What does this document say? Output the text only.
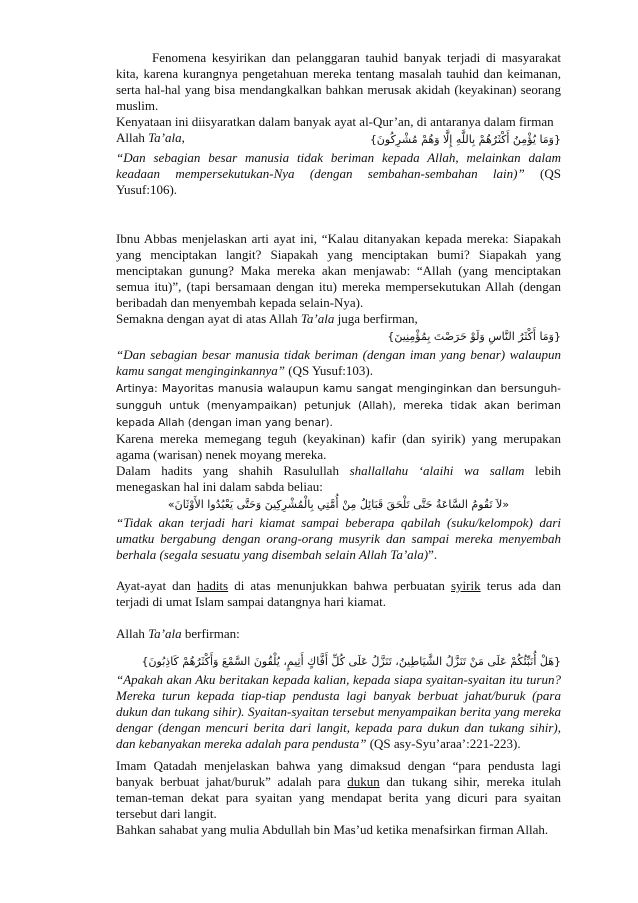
Fenomena kesyirikan dan pelanggaran tauhid banyak terjadi di masyarakat kita, karena kurangnya pengetahuan mereka tentang masalah tauhid dan keimanan, serta hal-hal yang bisa mendangkalkan bahkan merusak akidah (keyakinan) seorang muslim.

Kenyataan ini diisyaratkan dalam banyak ayat al-Qur’an, di antaranya dalam firman
Allah Ta’ala,	{وَمَا يُؤْمِنُ أَكْثَرُهُمْ بِاللَّهِ إِلَّا وَهُمْ مُشْرِكُونَ}

“Dan sebagian besar manusia tidak beriman kepada Allah, melainkan dalam keadaan mempersekutukan-Nya (dengan sembahan-sembahan lain)” (QS Yusuf:106).

Ibnu Abbas menjelaskan arti ayat ini, “Kalau ditanyakan kepada mereka: Siapakah yang menciptakan langit? Siapakah yang menciptakan bumi? Siapakah yang menciptakan gunung? Maka mereka akan menjawab: “Allah (yang menciptakan semua itu)”, (tapi bersamaan dengan itu) mereka mempersekutukan Allah (dengan beribadah dan menyembah kepada selain-Nya).

Semakna dengan ayat di atas Allah Ta’ala juga berfirman,
{وَمَا أَكْثَرُ النَّاسِ وَلَوْ حَرَصْتَ بِمُؤْمِنِينَ}

“Dan sebagian besar manusia tidak beriman (dengan iman yang benar) walaupun kamu sangat menginginkannya” (QS Yusuf:103).

Artinya: Mayoritas manusia walaupun kamu sangat menginginkan dan bersunguh-sungguh untuk (menyampaikan) petunjuk (Allah), mereka tidak akan beriman kepada Allah (dengan iman yang benar).

Karena mereka memegang teguh (keyakinan) kafir (dan syirik) yang merupakan agama (warisan) nenek moyang mereka.

Dalam hadits yang shahih Rasulullah shallallahu ‘alaihi wa sallam lebih menegaskan hal ini dalam sabda beliau:

«لاَ تَقُومُ السَّاعَةُ حَتَّى تَلْحَقَ قَبَائِلُ مِنْ أُمَّتِي بِالْمُشْرِكِينَ وَحَتَّى يَعْبُدُوا الأَوْثَانَ»

“Tidak akan terjadi hari kiamat sampai beberapa qabilah (suku/kelompok) dari umatku bergabung dengan orang-orang musyrik dan sampai mereka menyembah berhala (segala sesuatu yang disembah selain Allah Ta’ala)”.

Ayat-ayat dan hadits di atas menunjukkan bahwa perbuatan syirik terus ada dan terjadi di umat Islam sampai datangnya hari kiamat.

Allah Ta’ala berfirman:
{هَلْ أُنَبِّئُكُمْ عَلَى مَنْ تَنَزَّلُ الشَّيَاطِينُ، تَنَزَّلُ عَلَى كُلِّ أَفَّاكٍ أَثِيمٍ، يُلْقُونَ السَّمْعَ وَأَكْثَرُهُمْ كَاذِبُونَ}

“Apakah akan Aku beritakan kepada kalian, kepada siapa syaitan-syaitan itu turun? Mereka turun kepada tiap-tiap pendusta lagi banyak berbuat jahat/buruk (para dukun dan tukang sihir). Syaitan-syaitan tersebut menyampaikan berita yang mereka dengar (dengan mencuri berita dari langit, kepada para dukun dan tukang sihir), dan kebanyakan mereka adalah para pendusta” (QS asy-Syu’araa’:221-223).

Imam Qatadah menjelaskan bahwa yang dimaksud dengan “para pendusta lagi banyak berbuat jahat/buruk” adalah para dukun dan tukang sihir, mereka itulah teman-teman dekat para syaitan yang mendapat berita yang dicuri para syaitan tersebut dari langit.

Bahkan sahabat yang mulia Abdullah bin Mas’ud ketika menafsirkan firman Allah.
